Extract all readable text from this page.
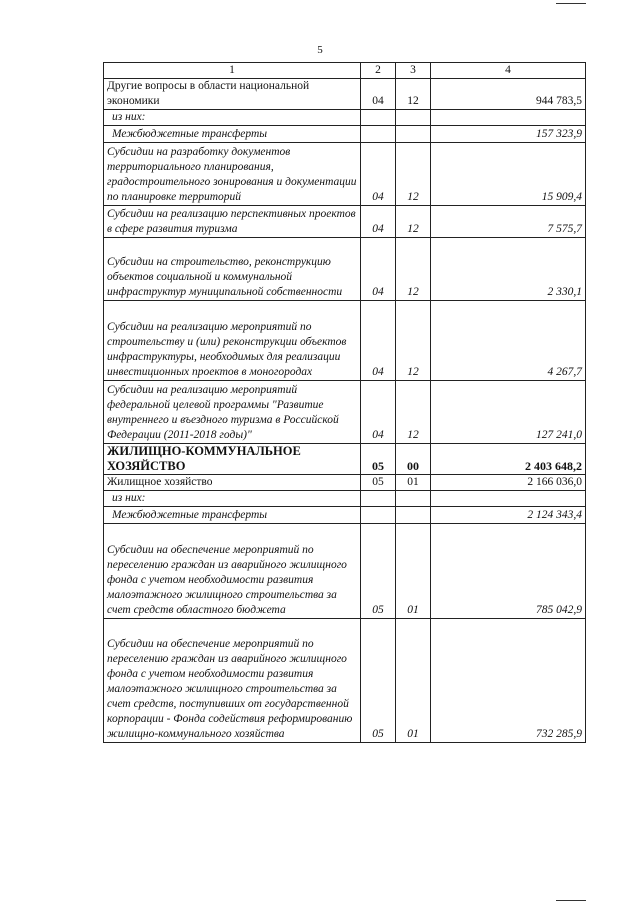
5
1	2	3	4
Другие вопросы в области национальной экономики	04	12	944 783,5
из них:			
Межбюджетные трансферты			157 323,9
Субсидии на разработку документов территориального планирования, градостроительного зонирования и документации по планировке территорий	04	12	15 909,4
Субсидии на реализацию перспективных проектов в сфере развития туризма	04	12	7 575,7
Субсидии на строительство, реконструкцию объектов социальной и коммунальной инфраструктур муниципальной собственности	04	12	2 330,1
Субсидии на реализацию мероприятий по строительству и (или) реконструкции объектов инфраструктуры, необходимых для реализации инвестиционных проектов в моногородах	04	12	4 267,7
Субсидии на реализацию мероприятий федеральной целевой программы "Развитие внутреннего и въездного туризма в Российской Федерации (2011-2018 годы)"	04	12	127 241,0
ЖИЛИЩНО-КОММУНАЛЬНОЕ ХОЗЯЙСТВО	05	00	2 403 648,2
Жилищное хозяйство	05	01	2 166 036,0
из них:			
Межбюджетные трансферты			2 124 343,4
Субсидии на обеспечение мероприятий по переселению граждан из аварийного жилищного фонда с учетом необходимости развития малоэтажного жилищного строительства за счет средств областного бюджета	05	01	785 042,9
Субсидии на обеспечение мероприятий по переселению граждан из аварийного жилищного фонда с учетом необходимости развития малоэтажного жилищного строительства за счет средств, поступивших от государственной корпорации - Фонда содействия реформированию жилищно-коммунального хозяйства	05	01	732 285,9
